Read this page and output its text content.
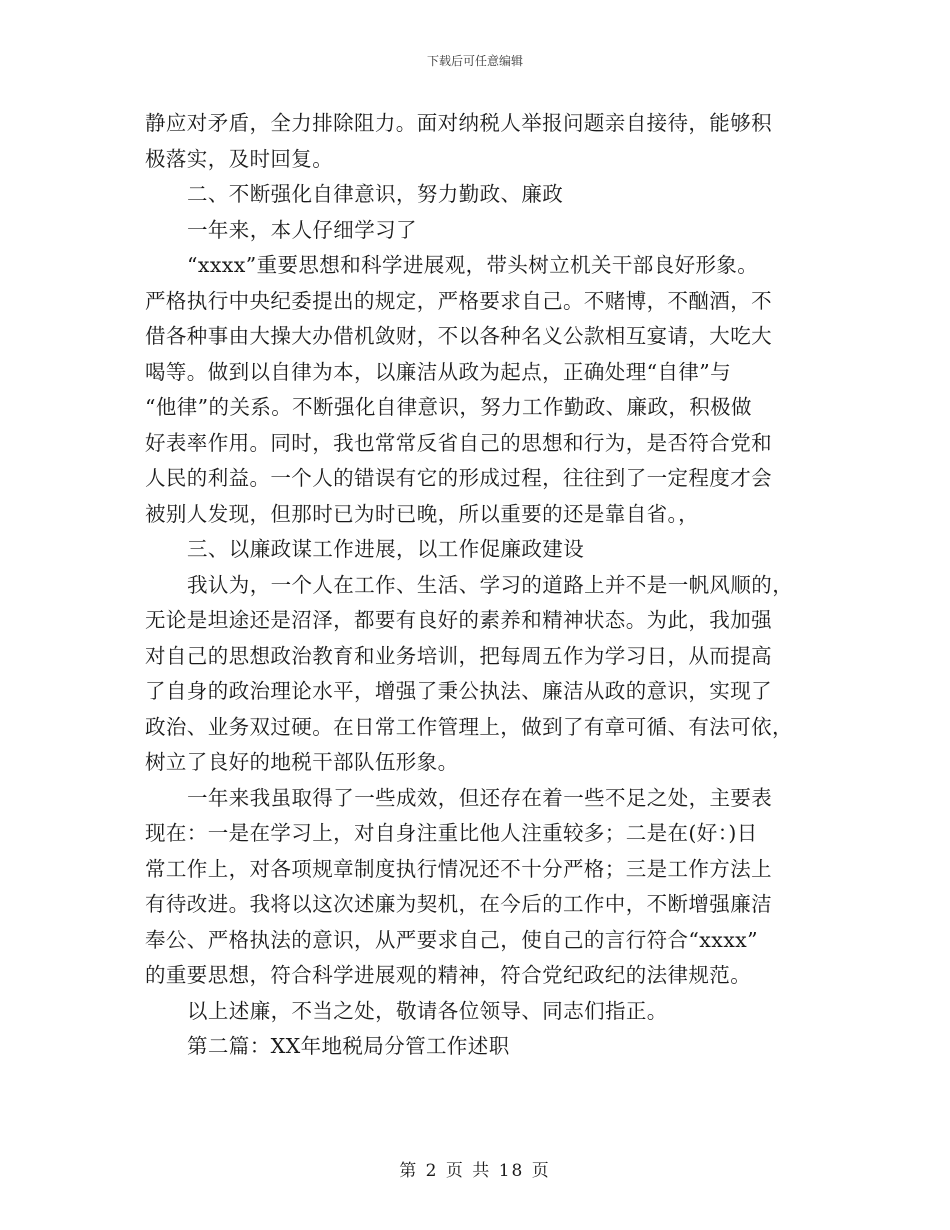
下载后可任意编辑
静应对矛盾，全力排除阻力。面对纳税人举报问题亲自接待，能够积
极落实，及时回复。
二、不断强化自律意识，努力勤政、廉政
一年来，本人仔细学习了
“xxxx”重要思想和科学进展观，带头树立机关干部良好形象。
严格执行中央纪委提出的规定，严格要求自己。不赌博，不酗酒，不
借各种事由大操大办借机敛财，不以各种名义公款相互宴请，大吃大
喝等。做到以自律为本，以廉洁从政为起点，正确处理“自律”与
“他律”的关系。不断强化自律意识，努力工作勤政、廉政，积极做
好表率作用。同时，我也常常反省自己的思想和行为，是否符合党和
人民的利益。一个人的错误有它的形成过程，往往到了一定程度才会
被别人发现，但那时已为时已晚，所以重要的还是靠自省。，
三、以廉政谋工作进展，以工作促廉政建设
我认为，一个人在工作、生活、学习的道路上并不是一帆风顺的，
无论是坦途还是沼泽，都要有良好的素养和精神状态。为此，我加强
对自己的思想政治教育和业务培训，把每周五作为学习日，从而提高
了自身的政治理论水平，增强了秉公执法、廉洁从政的意识，实现了
政治、业务双过硬。在日常工作管理上，做到了有章可循、有法可依，
树立了良好的地税干部队伍形象。
一年来我虽取得了一些成效，但还存在着一些不足之处，主要表
现在：一是在学习上，对自身注重比他人注重较多；二是在(好：)日
常工作上，对各项规章制度执行情况还不十分严格；三是工作方法上
有待改进。我将以这次述廉为契机，在今后的工作中，不断增强廉洁
奉公、严格执法的意识，从严要求自己，使自己的言行符合“xxxx”
的重要思想，符合科学进展观的精神，符合党纪政纪的法律规范。
以上述廉，不当之处，敬请各位领导、同志们指正。
第二篇：XX年地税局分管工作述职
第 2 页 共 18 页
